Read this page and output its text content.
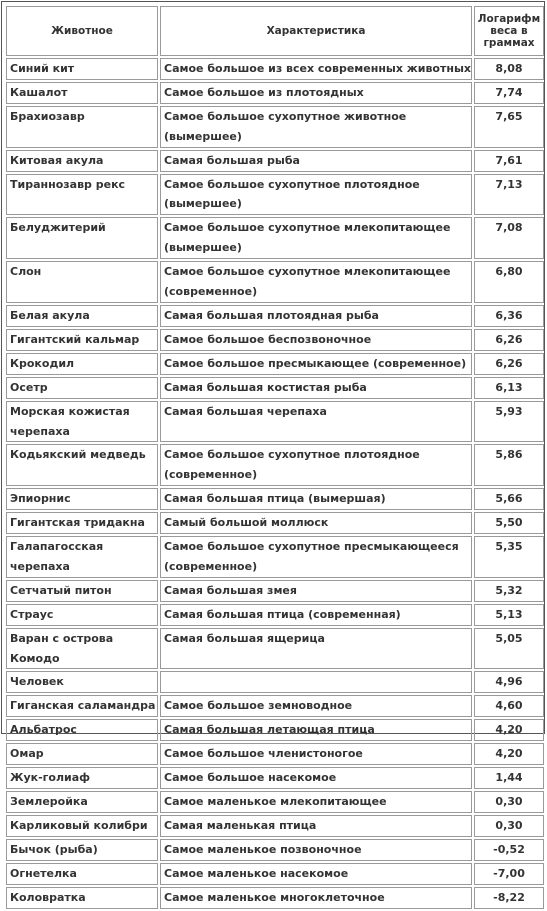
Животное	Характеристика	Логарифм веса в граммах
Синий кит	Самое большое из всех современных животных	8,08
Кашалот	Самое большое из плотоядных	7,74
Брахиозавр	Самое большое сухопутное животное (вымершее)	7,65
Китовая акула	Самая большая рыба	7,61
Тираннозавр рекс	Самое большое сухопутное плотоядное (вымершее)	7,13
Белуджитерий	Самое большое сухопутное млекопитающее (вымершее)	7,08
Слон	Самое большое сухопутное млекопитающее (современное)	6,80
Белая акула	Самая большая плотоядная рыба	6,36
Гигантский кальмар	Самое большое беспозвоночное	6,26
Крокодил	Самое большое пресмыкающее (современное)	6,26
Осетр	Самая большая костистая рыба	6,13
Морская кожистая черепаха	Самая большая черепаха	5,93
Кодьякский медведь	Самое большое сухопутное плотоядное (современное)	5,86
Эпиорнис	Самая большая птица (вымершая)	5,66
Гигантская тридакна	Самый большой моллюск	5,50
Галапагосская черепаха	Самое большое сухопутное пресмыкающееся (современное)	5,35
Сетчатый питон	Самая большая змея	5,32
Страус	Самая большая птица (современная)	5,13
Варан с острова Комодо	Самая большая ящерица	5,05
Человек		4,96
Гиганская саламандра	Самое большое земноводное	4,60
Альбатрос	Самая большая летающая птица	4,20
Омар	Самое большое членистоногое	4,20
Жук-голиаф	Самое большое насекомое	1,44
Землеройка	Самое маленькое млекопитающее	0,30
Карликовый колибри	Самая маленькая птица	0,30
Бычок (рыба)	Самое маленькое позвоночное	-0,52
Огнетелка	Самое маленькое насекомое	-7,00
Коловратка	Самое маленькое многоклеточное	-8,22
